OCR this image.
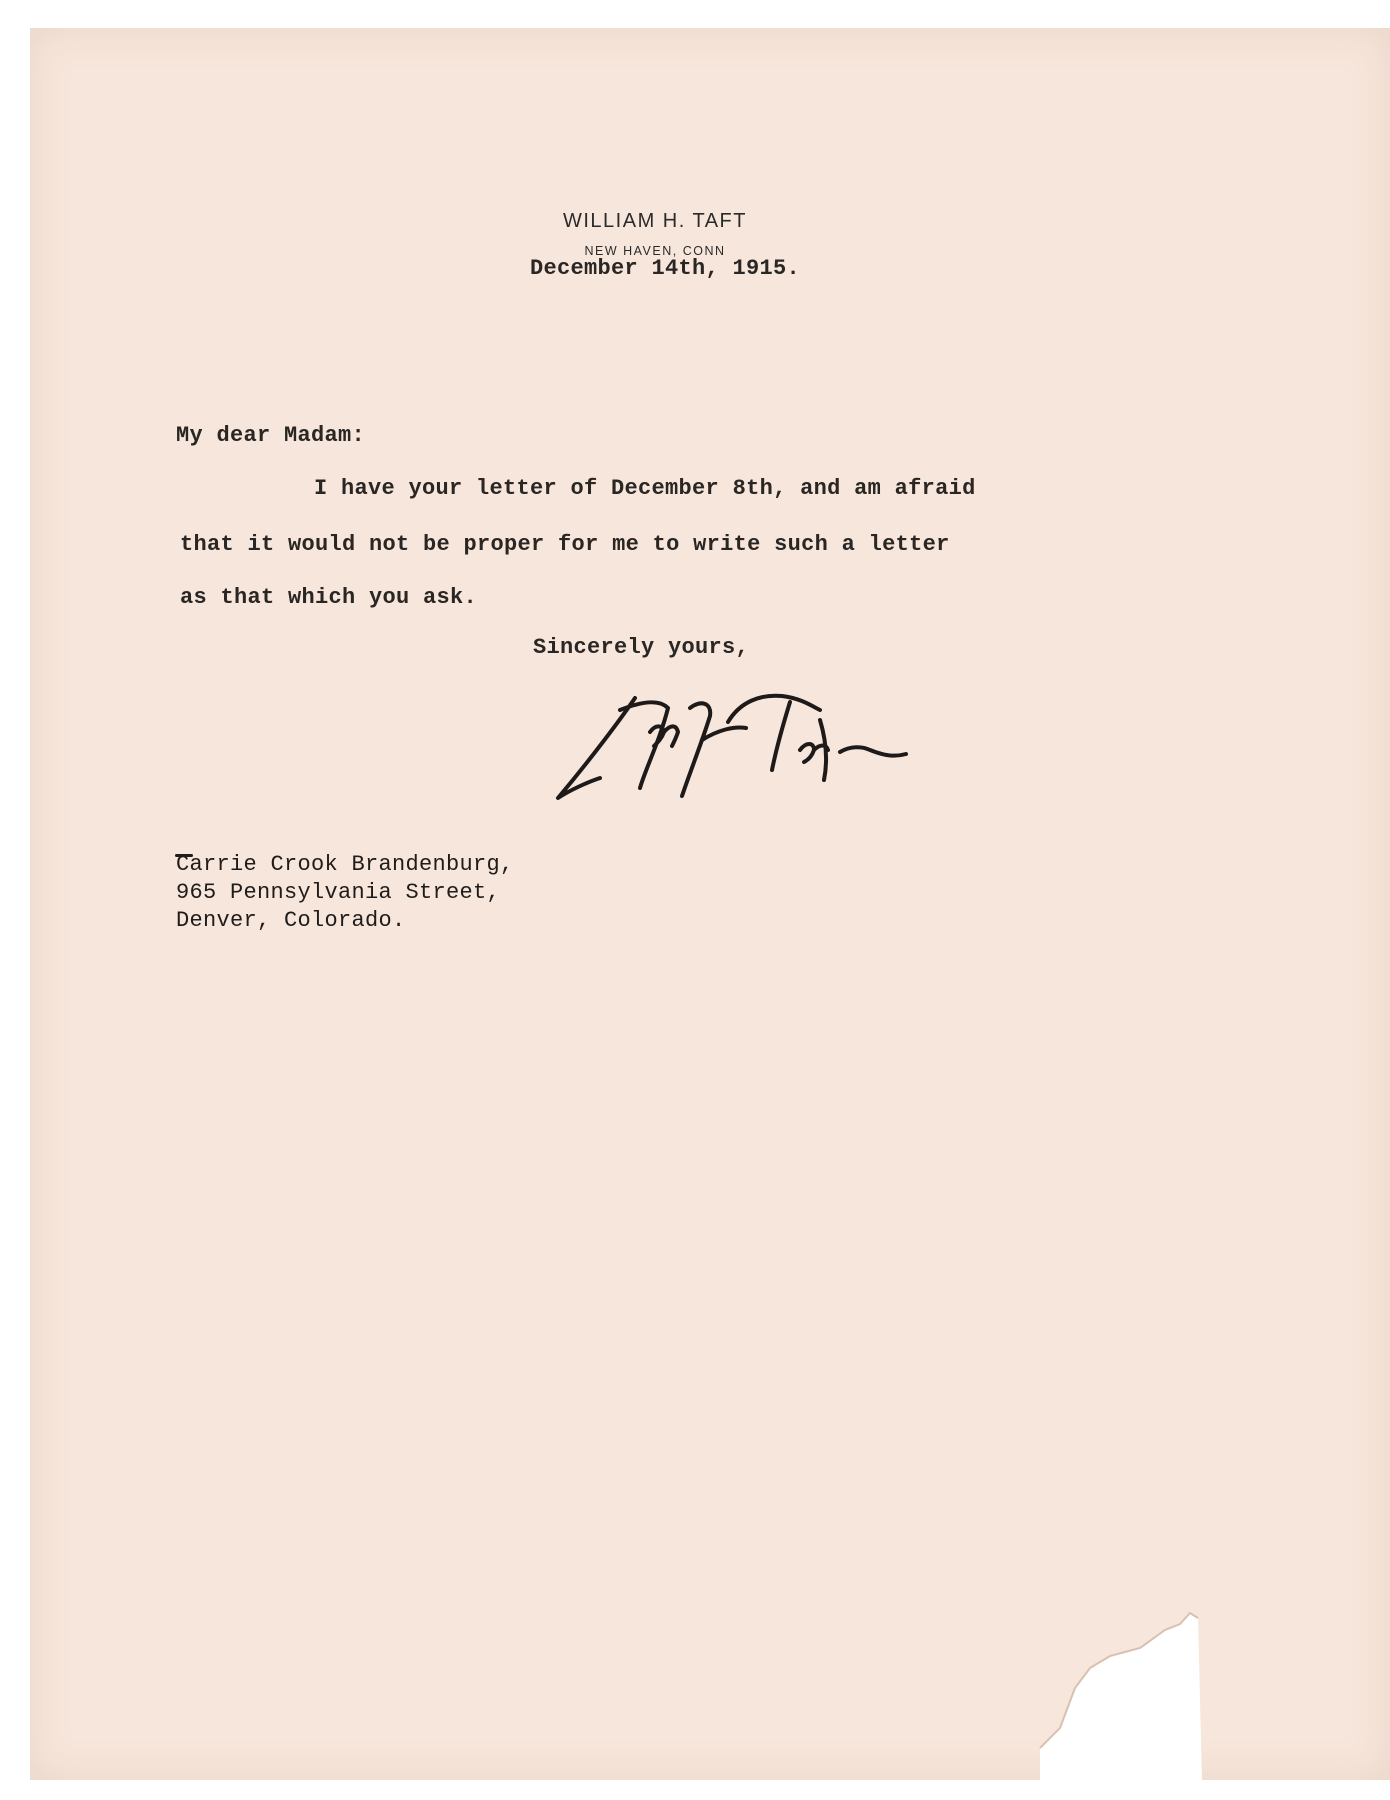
WILLIAM H. TAFT
NEW HAVEN, CONN
December 14th, 1915.
My dear Madam:
I have your letter of December 8th, and am afraid
that it would not be proper for me to write such a letter
as that which you ask.
Sincerely yours,
Carrie Crook Brandenburg,
965 Pennsylvania Street,
Denver, Colorado.
